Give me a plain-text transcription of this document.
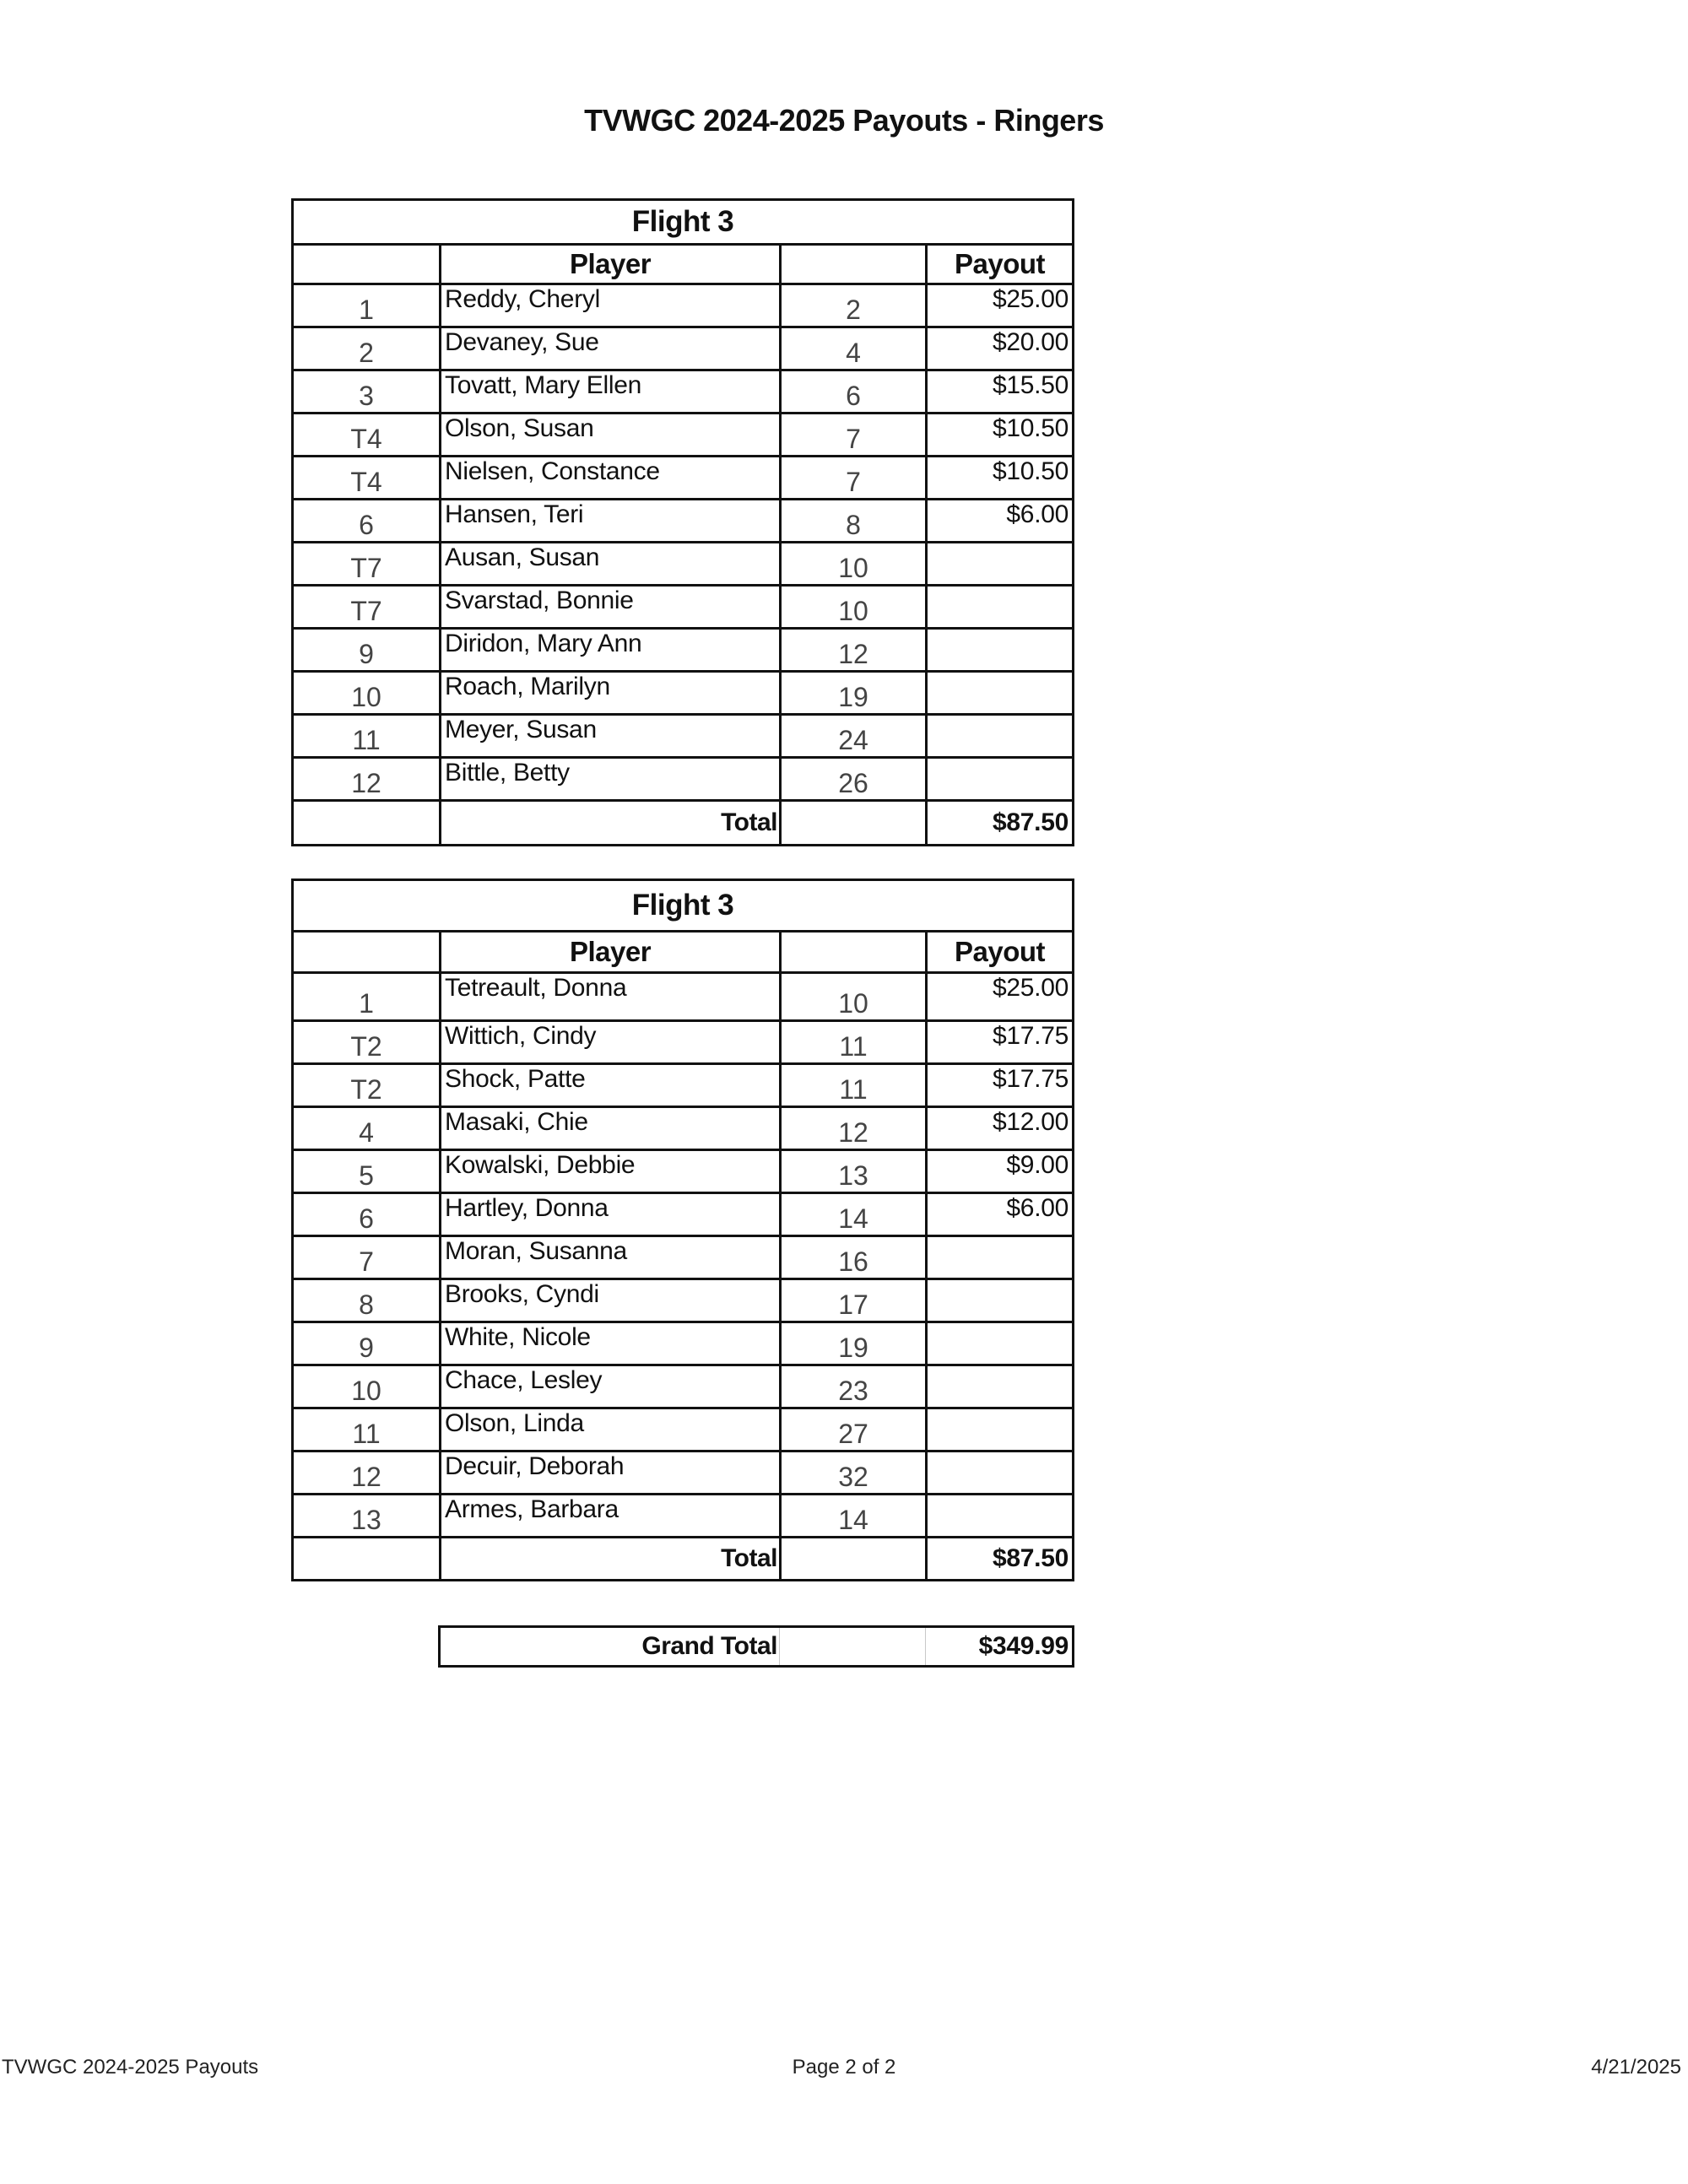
TVWGC 2024-2025 Payouts - Ringers
Flight 3			
	Player		Payout
1	Reddy, Cheryl	2	$25.00
2	Devaney, Sue	4	$20.00
3	Tovatt, Mary Ellen	6	$15.50
T4	Olson, Susan	7	$10.50
T4	Nielsen, Constance	7	$10.50
6	Hansen, Teri	8	$6.00
T7	Ausan, Susan	10	
T7	Svarstad, Bonnie	10	
9	Diridon, Mary Ann	12	
10	Roach, Marilyn	19	
11	Meyer, Susan	24	
12	Bittle, Betty	26	
	Total		$87.50
Flight 3			
	Player		Payout
1	Tetreault, Donna	10	$25.00
T2	Wittich, Cindy	11	$17.75
T2	Shock, Patte	11	$17.75
4	Masaki, Chie	12	$12.00
5	Kowalski, Debbie	13	$9.00
6	Hartley, Donna	14	$6.00
7	Moran, Susanna	16	
8	Brooks, Cyndi	17	
9	White, Nicole	19	
10	Chace, Lesley	23	
11	Olson, Linda	27	
12	Decuir, Deborah	32	
13	Armes, Barbara	14	
	Total		$87.50
Grand Total		$349.99
TVWGC 2024-2025 Payouts	Page 2 of 2	4/21/2025
